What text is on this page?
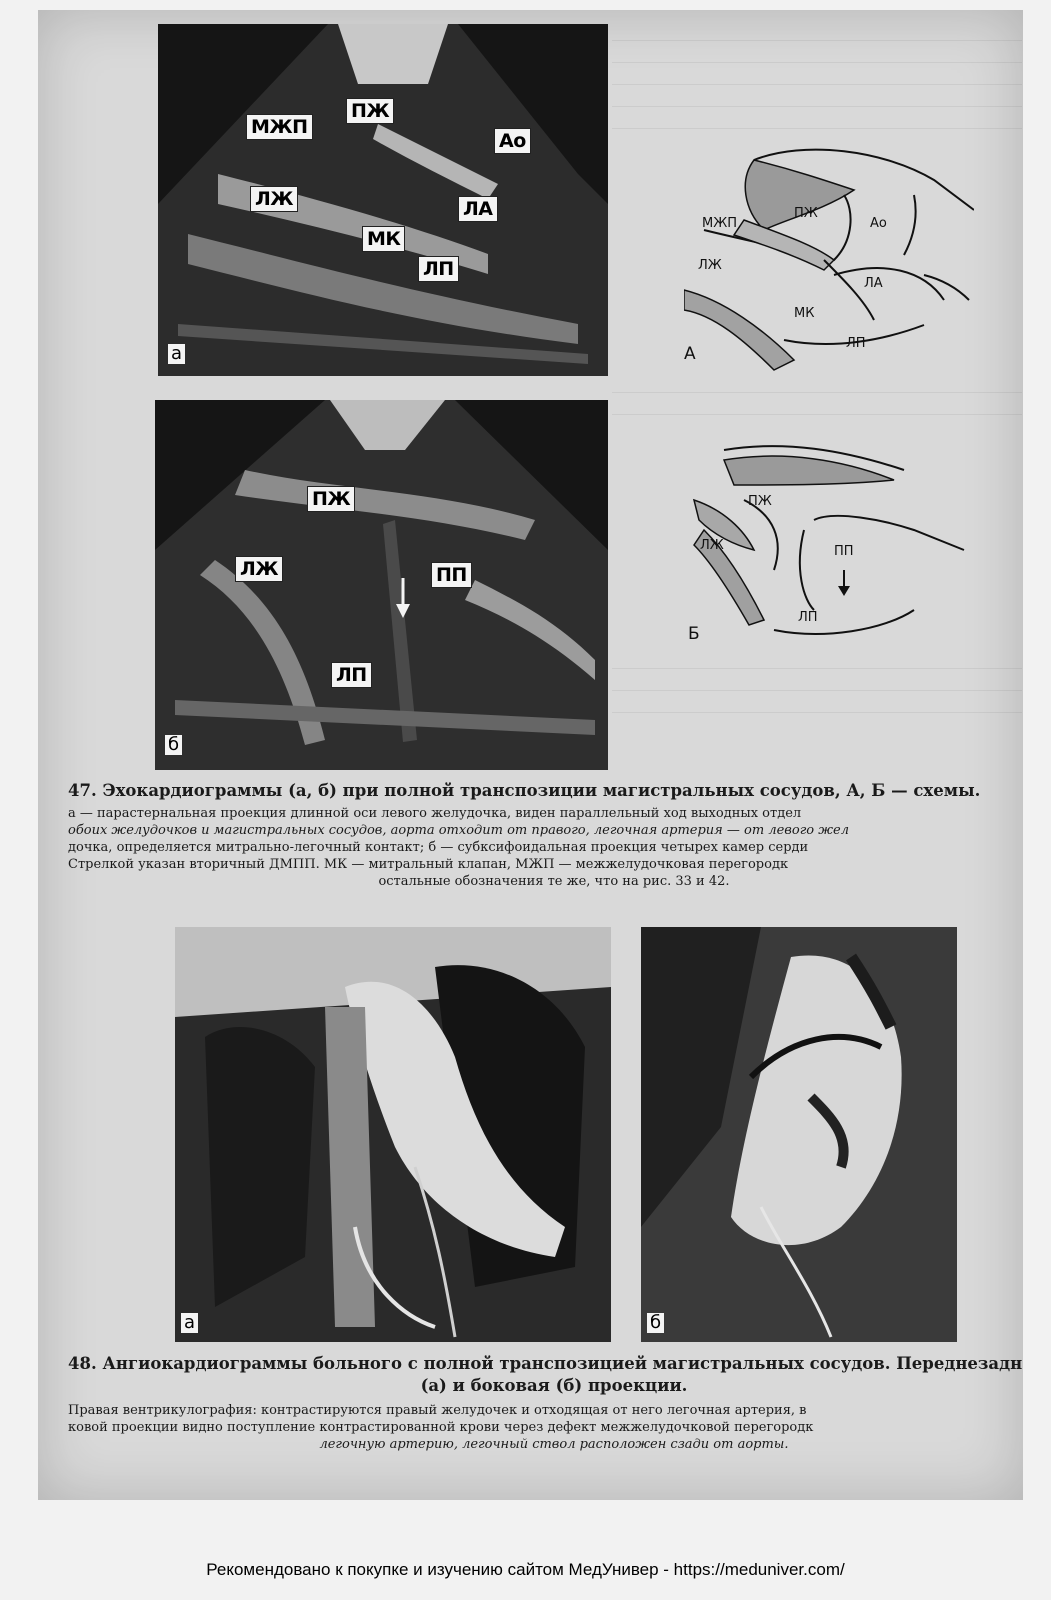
ПЖ
МЖП
Ао
ЛЖ	ЛА
МК
ЛП
а
ПЖ
ЛЖ	ПП
ЛП
б
МЖП
ПЖ
Ао
ЛЖ
ЛА
МК
ЛП
А
ПЖ
ЛЖ	ПП
ЛП
Б
47. Эхокардиограммы (а, б) при полной транспозиции магистральных сосудов, А, Б — схемы.
а — парастернальная проекция длинной оси левого желудочка, виден параллельный ход выходных отдел
обоих желудочков и магистральных сосудов, аорта отходит от правого, легочная артерия — от левого жел
дочка, определяется митрально-легочный контакт; б — субксифоидальная проекция четырех камер серди
Стрелкой указан вторичный ДМПП. МК — митральный клапан, МЖП — межжелудочковая перегородк
остальные обозначения те же, что на рис. 33 и 42.
а	б
48. Ангиокардиограммы больного с полной транспозицией магистральных сосудов. Переднезадн
(а) и боковая (б) проекции.
Правая вентрикулография: контрастируются правый желудочек и отходящая от него легочная артерия, в
ковой проекции видно поступление контрастированной крови через дефект межжелудочковой перегородк
легочную артерию, легочный ствол расположен сзади от аорты.
Рекомендовано к покупке и изучению сайтом МедУнивер - https://meduniver.com/
